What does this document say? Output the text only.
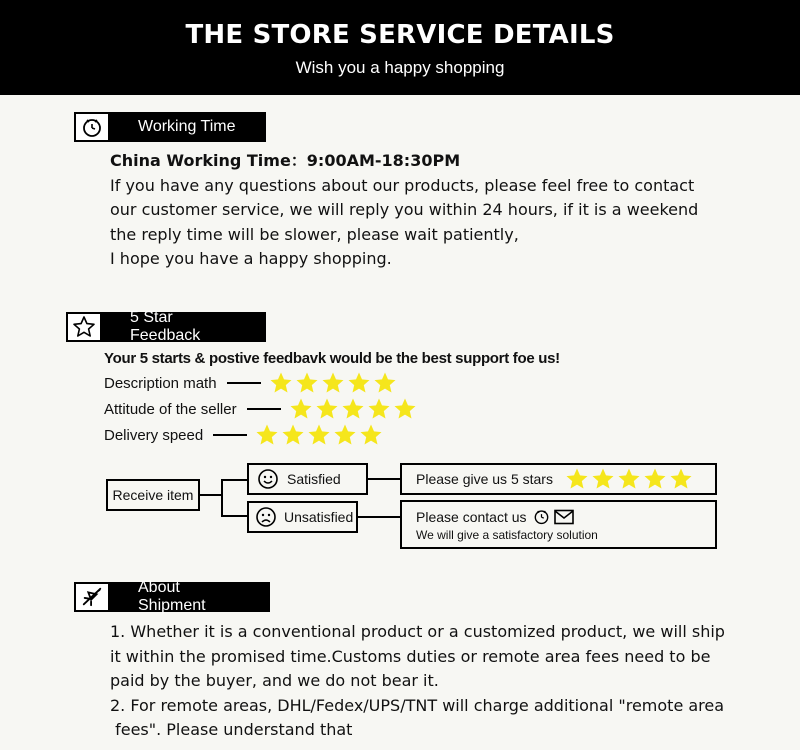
THE STORE SERVICE DETAILS
Wish you a happy shopping
Working Time

China Working Time：9:00AM-18:30PM

If you have any questions about our products, please feel free to contact

our customer service, we will reply you within 24 hours, if it is a weekend

the reply time will be slower, please wait patiently,

I hope you have a happy shopping.

5 Star Feedback
Your 5 starts & postive feedbavk would be the best support foe us!
Description math
Attitude of the seller
Delivery speed
Receive item
Satisfied
Unsatisfied
Please give us 5 stars
Please contact us
We will give a satisfactory solution
About Shipment

1. Whether it is a conventional product or a customized product, we will ship

it within the promised time.Customs duties or remote area fees need to be

paid by the buyer, and we do not bear it.

2. For remote areas, DHL/Fedex/UPS/TNT will charge additional "remote area

fees". Please understand that
